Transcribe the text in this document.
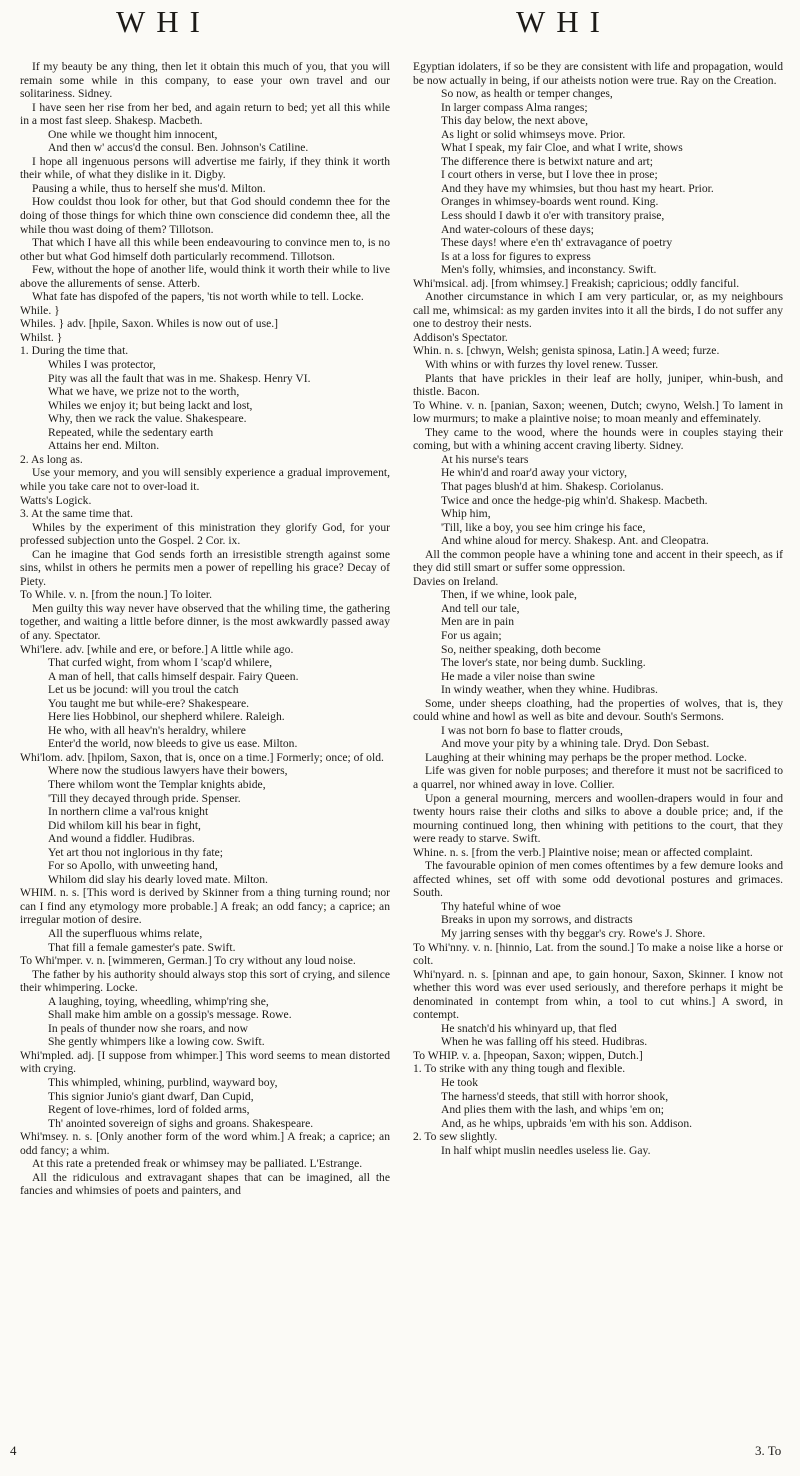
WHI	WHI

If my beauty be any thing, then let it obtain this much of you, that you will remain some while in this company, to ease your own travel and our solitariness. Sidney.

I have seen her rise from her bed, and again return to bed; yet all this while in a most fast sleep. Shakesp. Macbeth.

One while we thought him innocent,

And then w' accus'd the consul. Ben. Johnson's Catiline.

I hope all ingenuous persons will advertise me fairly, if they think it worth their while, of what they dislike in it. Digby.

Pausing a while, thus to herself she mus'd. Milton.

How couldst thou look for other, but that God should condemn thee for the doing of those things for which thine own conscience did condemn thee, all the while thou wast doing of them? Tillotson.

That which I have all this while been endeavouring to convince men to, is no other but what God himself doth particularly recommend. Tillotson.

Few, without the hope of another life, would think it worth their while to live above the allurements of sense. Atterb.

What fate has dispofed of the papers, 'tis not worth while to tell. Locke.

While. }

Whiles. } adv. [hpile, Saxon. Whiles is now out of use.]

Whilst. }

1. During the time that.

Whiles I was protector,

Pity was all the fault that was in me. Shakesp. Henry VI.

What we have, we prize not to the worth,

Whiles we enjoy it; but being lackt and lost,

Why, then we rack the value. Shakespeare.

Repeated, while the sedentary earth

Attains her end. Milton.

2. As long as.

Use your memory, and you will sensibly experience a gradual improvement, while you take care not to over-load it.

Watts's Logick.

3. At the same time that.

Whiles by the experiment of this ministration they glorify God, for your professed subjection unto the Gospel. 2 Cor. ix.

Can he imagine that God sends forth an irresistible strength against some sins, whilst in others he permits men a power of repelling his grace? Decay of Piety.

To While. v. n. [from the noun.] To loiter.

Men guilty this way never have observed that the whiling time, the gathering together, and waiting a little before dinner, is the most awkwardly passed away of any. Spectator.

Whi'lere. adv. [while and ere, or before.] A little while ago.

That curfed wight, from whom I 'scap'd whilere,

A man of hell, that calls himself despair. Fairy Queen.

Let us be jocund: will you troul the catch

You taught me but while-ere? Shakespeare.

Here lies Hobbinol, our shepherd whilere. Raleigh.

He who, with all heav'n's heraldry, whilere

Enter'd the world, now bleeds to give us ease. Milton.

Whi'lom. adv. [hpilom, Saxon, that is, once on a time.] Formerly; once; of old.

Where now the studious lawyers have their bowers,

There whilom wont the Templar knights abide,

'Till they decayed through pride. Spenser.

In northern clime a val'rous knight

Did whilom kill his bear in fight,

And wound a fiddler. Hudibras.

Yet art thou not inglorious in thy fate;

For so Apollo, with unweeting hand,

Whilom did slay his dearly loved mate. Milton.

WHIM. n. s. [This word is derived by Skinner from a thing turning round; nor can I find any etymology more probable.] A freak; an odd fancy; a caprice; an irregular motion of desire.

All the superfluous whims relate,

That fill a female gamester's pate. Swift.

To Whi'mper. v. n. [wimmeren, German.] To cry without any loud noise.

The father by his authority should always stop this sort of crying, and silence their whimpering. Locke.

A laughing, toying, wheedling, whimp'ring she,

Shall make him amble on a gossip's message. Rowe.

In peals of thunder now she roars, and now

She gently whimpers like a lowing cow. Swift.

Whi'mpled. adj. [I suppose from whimper.] This word seems to mean distorted with crying.

This whimpled, whining, purblind, wayward boy,

This signior Junio's giant dwarf, Dan Cupid,

Regent of love-rhimes, lord of folded arms,

Th' anointed sovereign of sighs and groans. Shakespeare.

Whi'msey. n. s. [Only another form of the word whim.] A freak; a caprice; an odd fancy; a whim.

At this rate a pretended freak or whimsey may be palliated. L'Estrange.

All the ridiculous and extravagant shapes that can be imagined, all the fancies and whimsies of poets and painters, and

Egyptian idolaters, if so be they are consistent with life and propagation, would be now actually in being, if our atheists notion were true. Ray on the Creation.

So now, as health or temper changes,

In larger compass Alma ranges;

This day below, the next above,

As light or solid whimseys move. Prior.

What I speak, my fair Cloe, and what I write, shows

The difference there is betwixt nature and art;

I court others in verse, but I love thee in prose;

And they have my whimsies, but thou hast my heart. Prior.

Oranges in whimsey-boards went round. King.

Less should I dawb it o'er with transitory praise,

And water-colours of these days;

These days! where e'en th' extravagance of poetry

Is at a loss for figures to express

Men's folly, whimsies, and inconstancy. Swift.

Whi'msical. adj. [from whimsey.] Freakish; capricious; oddly fanciful.

Another circumstance in which I am very particular, or, as my neighbours call me, whimsical: as my garden invites into it all the birds, I do not suffer any one to destroy their nests.

Addison's Spectator.

Whin. n. s. [chwyn, Welsh; genista spinosa, Latin.] A weed; furze.

With whins or with furzes thy lovel renew. Tusser.

Plants that have prickles in their leaf are holly, juniper, whin-bush, and thistle. Bacon.

To Whine. v. n. [panian, Saxon; weenen, Dutch; cwyno, Welsh.] To lament in low murmurs; to make a plaintive noise; to moan meanly and effeminately.

They came to the wood, where the hounds were in couples staying their coming, but with a whining accent craving liberty. Sidney.

At his nurse's tears

He whin'd and roar'd away your victory,

That pages blush'd at him. Shakesp. Coriolanus.

Twice and once the hedge-pig whin'd. Shakesp. Macbeth.

Whip him,

'Till, like a boy, you see him cringe his face,

And whine aloud for mercy. Shakesp. Ant. and Cleopatra.

All the common people have a whining tone and accent in their speech, as if they did still smart or suffer some oppression.

Davies on Ireland.

Then, if we whine, look pale,

And tell our tale,

Men are in pain

For us again;

So, neither speaking, doth become

The lover's state, nor being dumb. Suckling.

He made a viler noise than swine

In windy weather, when they whine. Hudibras.

Some, under sheeps cloathing, had the properties of wolves, that is, they could whine and howl as well as bite and devour. South's Sermons.

I was not born fo base to flatter crouds,

And move your pity by a whining tale. Dryd. Don Sebast.

Laughing at their whining may perhaps be the proper method. Locke.

Life was given for noble purposes; and therefore it must not be sacrificed to a quarrel, nor whined away in love. Collier.

Upon a general mourning, mercers and woollen-drapers would in four and twenty hours raise their cloths and silks to above a double price; and, if the mourning continued long, then whining with petitions to the court, that they were ready to starve. Swift.

Whine. n. s. [from the verb.] Plaintive noise; mean or affected complaint.

The favourable opinion of men comes oftentimes by a few demure looks and affected whines, set off with some odd devotional postures and grimaces. South.

Thy hateful whine of woe

Breaks in upon my sorrows, and distracts

My jarring senses with thy beggar's cry. Rowe's J. Shore.

To Whi'nny. v. n. [hinnio, Lat. from the sound.] To make a noise like a horse or colt.

Whi'nyard. n. s. [pinnan and ape, to gain honour, Saxon, Skinner. I know not whether this word was ever used seriously, and therefore perhaps it might be denominated in contempt from whin, a tool to cut whins.] A sword, in contempt.

He snatch'd his whinyard up, that fled

When he was falling off his steed. Hudibras.

To WHIP. v. a. [hpeopan, Saxon; wippen, Dutch.]

1. To strike with any thing tough and flexible.

He took

The harness'd steeds, that still with horror shook,

And plies them with the lash, and whips 'em on;

And, as he whips, upbraids 'em with his son. Addison.

2. To sew slightly.

In half whipt muslin needles useless lie. Gay.

4	3. To
